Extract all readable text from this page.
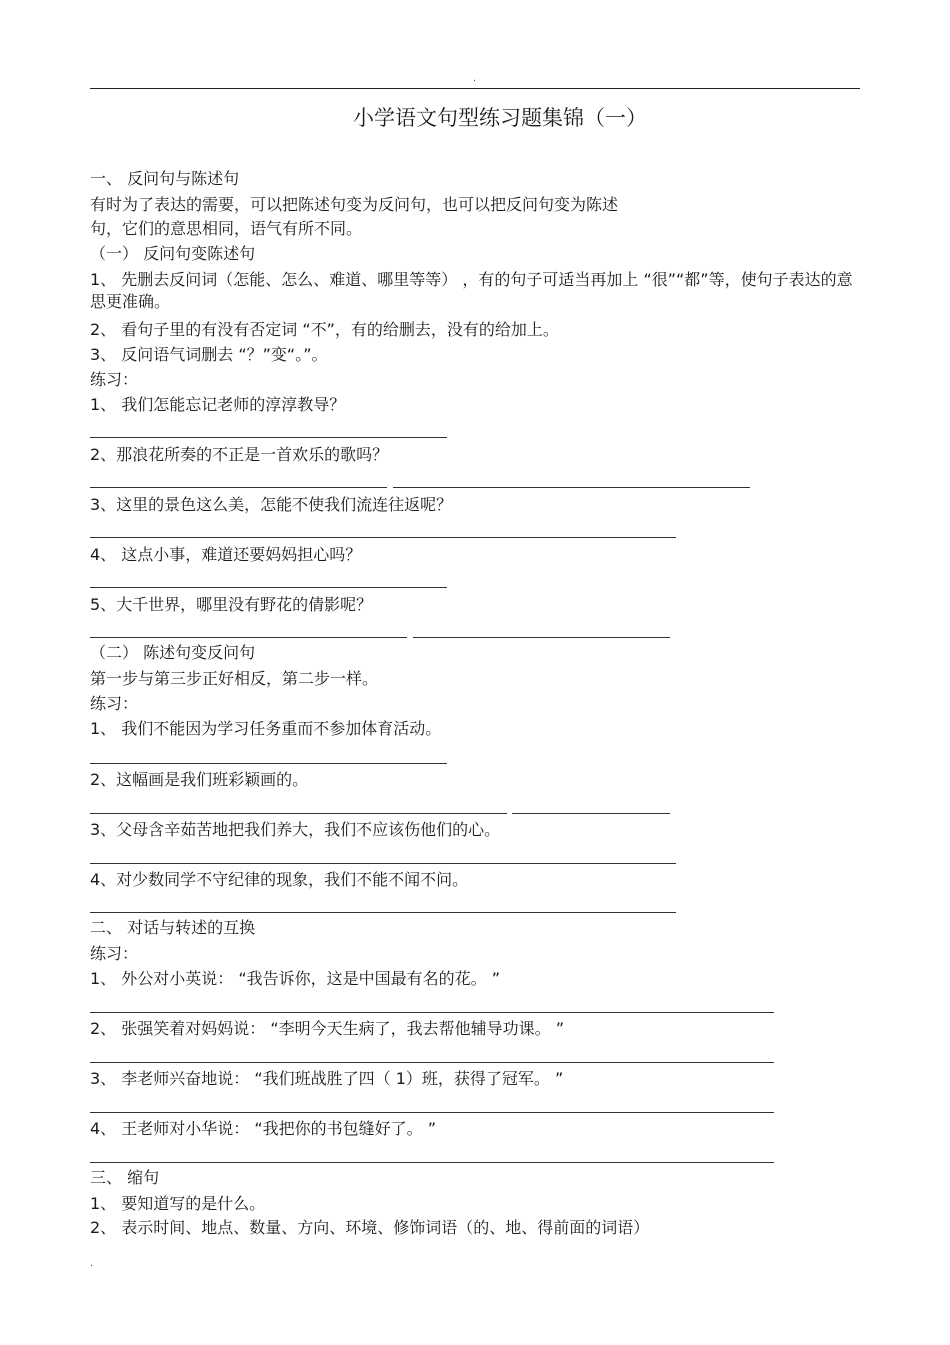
.
小学语文句型练习题集锦（一）
一、 反问句与陈述句
有时为了表达的需要，可以把陈述句变为反问句，也可以把反问句变为陈述
句，它们的意思相同，语气有所不同。
（一） 反问句变陈述句
1、 先删去反问词（怎能、怎么、难道、哪里等等） ，有的句子可适当再加上 “很”“都”等，使句子表达的意思更准确。
2、 看句子里的有没有否定词 “不”，有的给删去，没有的给加上。
3、 反问语气词删去 “？”变“。”。
练习：
1、 我们怎能忘记老师的淳淳教导？
2、那浪花所奏的不正是一首欢乐的歌吗？
3、这里的景色这么美，怎能不使我们流连往返呢？
4、 这点小事，难道还要妈妈担心吗？
5、大千世界，哪里没有野花的倩影呢？
（二） 陈述句变反问句
第一步与第三步正好相反，第二步一样。
练习：
1、 我们不能因为学习任务重而不参加体育活动。
2、这幅画是我们班彩颖画的。
3、父母含辛茹苦地把我们养大，我们不应该伤他们的心。
4、对少数同学不守纪律的现象，我们不能不闻不问。
二、 对话与转述的互换
练习：
1、 外公对小英说： “我告诉你，这是中国最有名的花。 ”
2、 张强笑着对妈妈说： “李明今天生病了，我去帮他辅导功课。 ”
3、 李老师兴奋地说： “我们班战胜了四（ 1）班，获得了冠军。 ”
4、 王老师对小华说： “我把你的书包缝好了。 ”
三、 缩句
1、 要知道写的是什么。
2、 表示时间、地点、数量、方向、环境、修饰词语（的、地、得前面的词语）
.
